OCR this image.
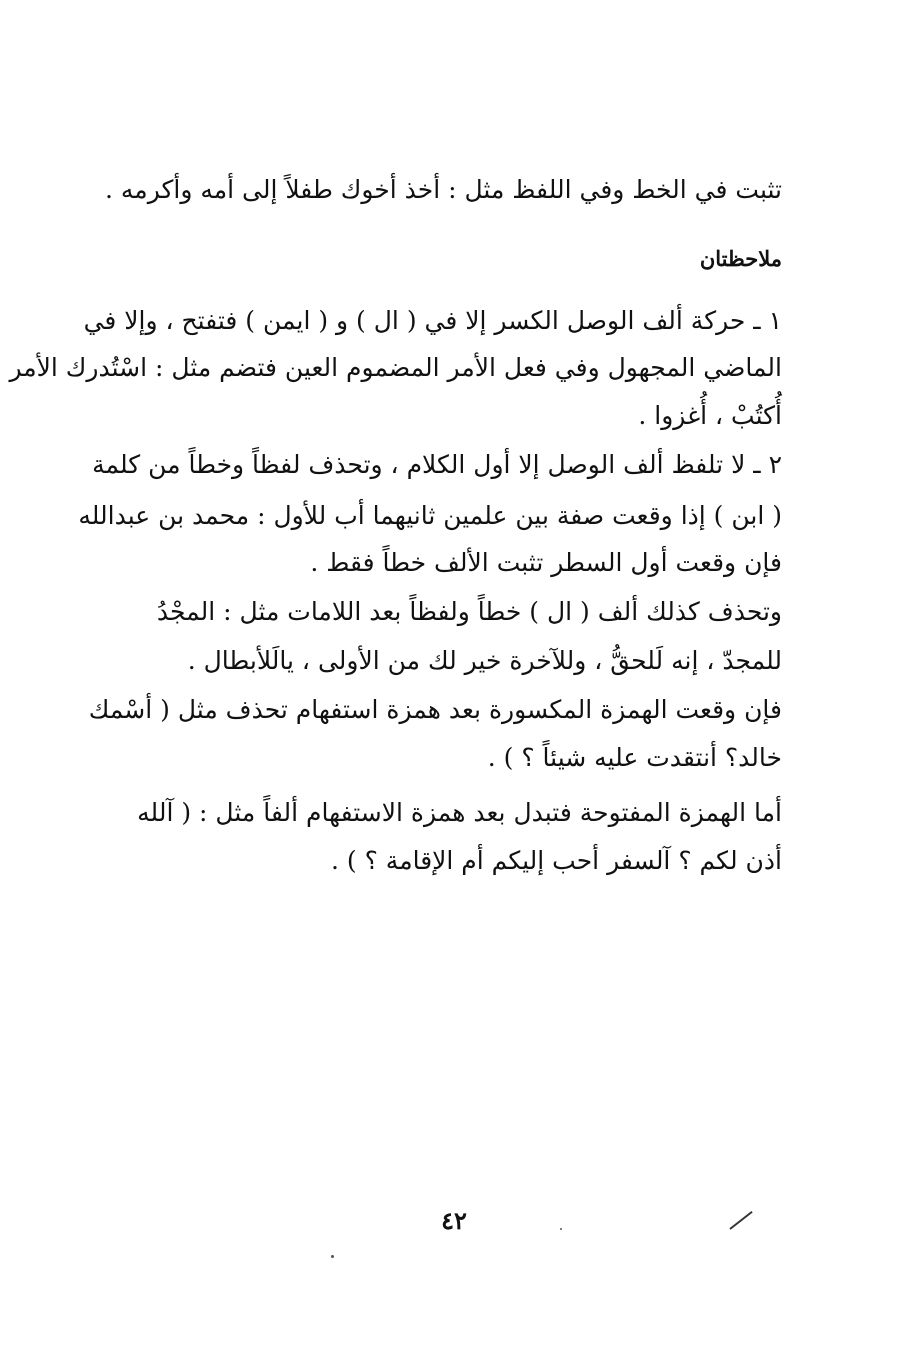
تثبت في الخط وفي اللفظ مثل : أخذ أخوك طفلاً إلى أمه وأكرمه .
ملاحظتان
١ ـ حركة ألف الوصل الكسر إلا في ( ال ) و ( ايمن ) فتفتح ، وإلا في
الماضي المجهول وفي فعل الأمر المضموم العين فتضم مثل : اسْتُدرك الأمر
أُكتُبْ ، أُغزوا .
٢ ـ لا تلفظ ألف الوصل إلا أول الكلام ، وتحذف لفظاً وخطاً من كلمة
( ابن ) إذا وقعت صفة بين علمين ثانيهما أب للأول : محمد بن عبدالله
فإن وقعت أول السطر تثبت الألف خطاً فقط .
وتحذف كذلك ألف ( ال ) خطاً ولفظاً بعد اللامات مثل : المجْدُ
للمجدّ ، إنه لَلحقُّ ، وللآخرة خير لك من الأولى ، يالَلأبطال .
فإن وقعت الهمزة المكسورة بعد همزة استفهام تحذف مثل ( أسْمك
خالد؟ أنتقدت عليه شيئاً ؟ ) .
أما الهمزة المفتوحة فتبدل بعد همزة الاستفهام ألفاً مثل : ( آلله
أذن لكم ؟ آلسفر أحب إليكم أم الإقامة ؟ ) .
٤٢
